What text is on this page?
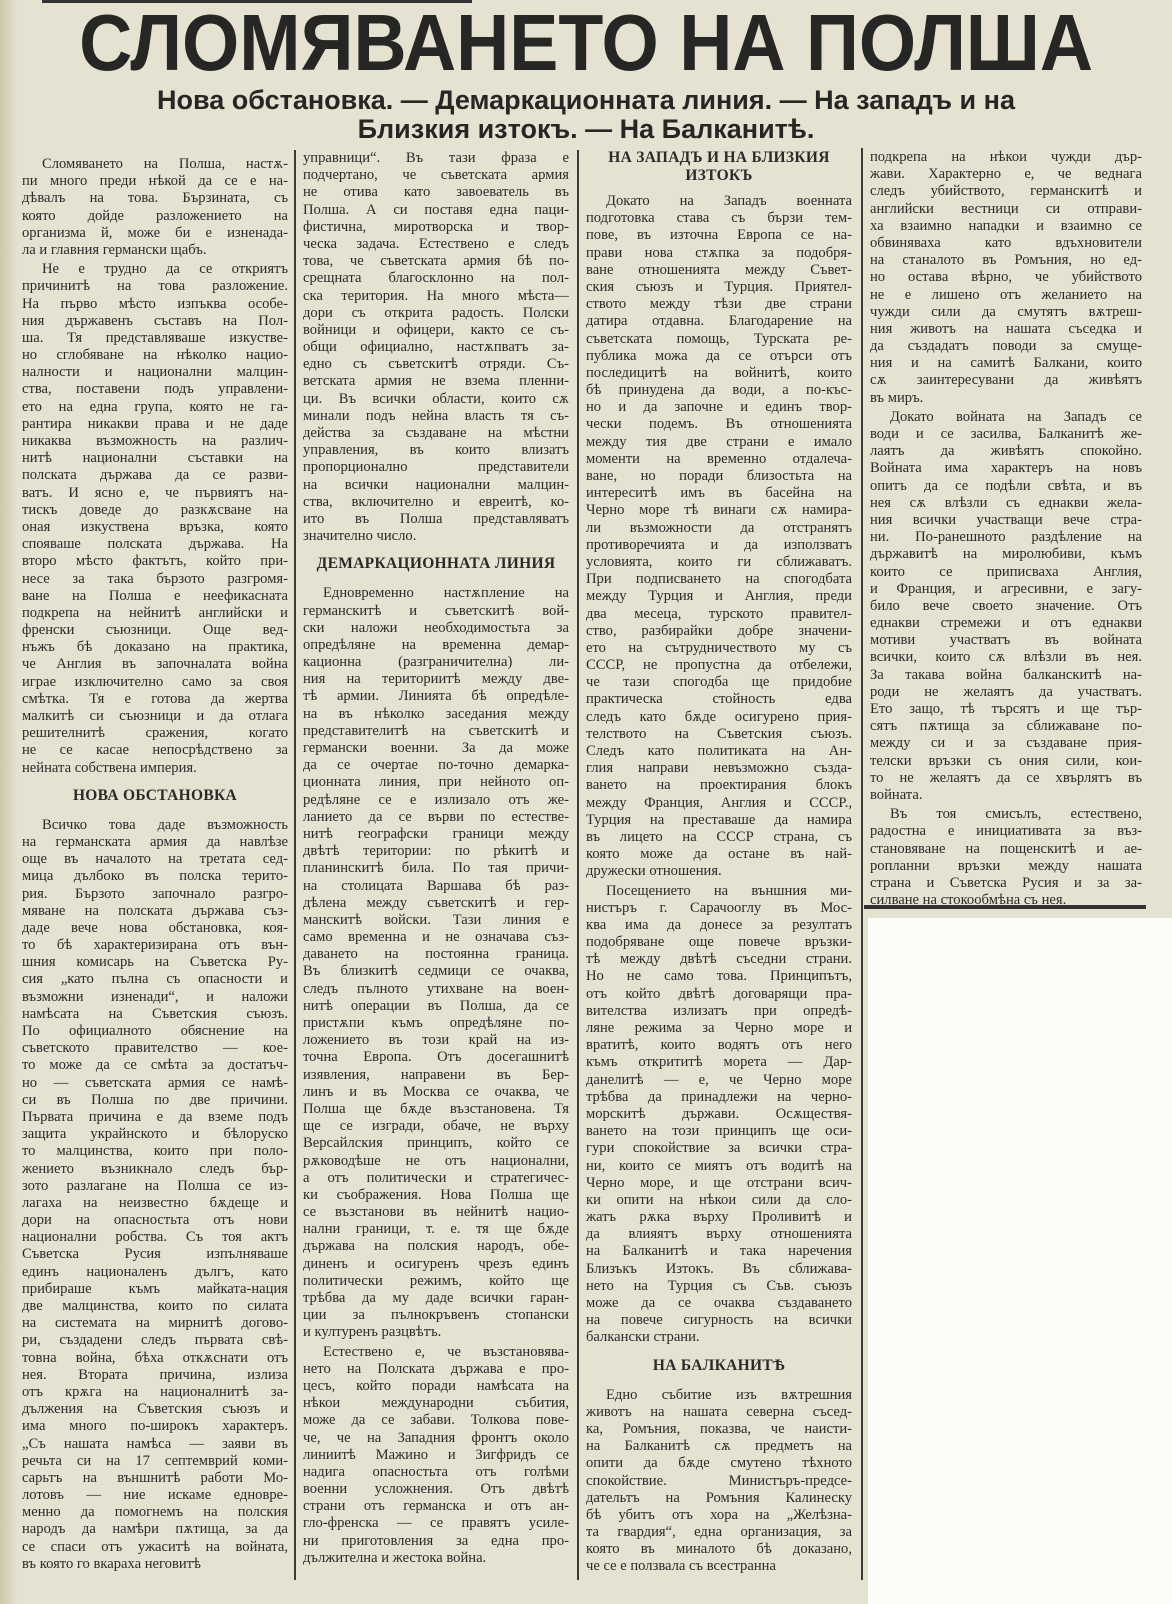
СЛОМЯВАНЕТО НА ПОЛША
Нова обстановка. — Демаркационната линия. — На западъ и на
Близкия изтокъ. — На Балканитѣ.
Сломяването на Полша, настѫ-
пи много преди нѣкой да се е на-
дѣвалъ на това. Бързината, съ
която дойде разложението на
организма й, може би е изненада-
ла и главния германски щабъ.
Не е трудно да се откриятъ
причинитѣ на това разложение.
На първо мѣсто изпъква особе-
ния държавенъ съставъ на Пол-
ша. Тя представляваше изкустве-
но сглобяване на нѣколко нацио-
налности и национални малцин-
ства, поставени подъ управлени-
ето на една група, която не га-
рантира никакви права и не даде
никаква възможность на различ-
нитѣ национални съставки на
полската държава да се разви-
ватъ. И ясно е, че първиятъ на-
тискъ доведе до разкѫсване на
оная изкуствена връзка, която
спояваше полската държава. На
второ мѣсто фактътъ, който при-
несе за така бързото разгромя-
ване на Полша е неефикасната
подкрепа на нейнитѣ английски и
френски съюзници. Още вед-
нъжъ бѣ доказано на практика,
че Англия въ започналата война
играе изключително само за своя
смѣтка. Тя е готова да жертва
малкитѣ си съюзници и да отлага
решителнитѣ сражения, когато
не се касае непосрѣдствено за
нейната собствена империя.
НОВА ОБСТАНОВКА
Всичко това даде възможность
на германската армия да навлѣзе
още въ началото на третата сед-
мица дълбоко въ полска терито-
рия. Бързото започнало разгро-
мяване на полската държава съз-
даде вече нова обстановка, коя-
то бѣ характеризирана отъ вън-
шния комисарь на Съветска Ру-
сия „като пълна съ опасности и
възможни изненади“, и наложи
намѣсата на Съветския съюзъ.
По официалното обяснение на
съветското правителство — кое-
то може да се смѣта за достатъч-
но — съветската армия се намѣ-
си въ Полша по две причини.
Първата причина е да вземе подъ
защита украйнското и бѣлоруско
то малцинства, които при поло-
жението възникнало следъ бър-
зото разлагане на Полша се из-
лагаха на неизвестно бѫдеще и
дори на опасностьта отъ нови
национални робства. Съ тоя актъ
Съветска Русия изпълняваше
единъ националенъ дългъ, като
прибираше къмъ майката-нация
две малцинства, които по силата
на системата на мирнитѣ догово-
ри, създадени следъ първата свѣ-
товна война, бѣха откѫснати отъ
нея. Втората причина, излиза
отъ крѫга на националнитѣ за-
дължения на Съветския съюзъ и
има много по-широкъ характеръ.
„Съ нашата намѣса — заяви въ
речьта си на 17 септемврий коми-
сарьтъ на външнитѣ работи Мо-
лотовъ — ние искаме едновре-
менно да помогнемъ на полския
народъ да намѣри пѫтища, за да
се спаси отъ ужаситѣ на войната,
въ която го вкараха неговитѣ
управници“. Въ тази фраза е
подчертано, че съветската армия
не отива като завоеватель въ
Полша. А си поставя една паци-
фистична, миротворска и твор-
ческа задача. Естествено е следъ
това, че съветската армия бѣ по-
срещната благосклонно на пол-
ска територия. На много мѣста—
дори съ открита радость. Полски
войници и офицери, както се съ-
общи официално, настѫпватъ за-
едно съ съветскитѣ отряди. Съ-
ветската армия не взема пленни-
ци. Въ всички области, които сѫ
минали подъ нейна власть тя съ-
действа за създаване на мѣстни
управления, въ които влизатъ
пропорционално представители
на всички национални малцин-
ства, включително и евреитѣ, ко-
ито въ Полша представляватъ
значително число.
ДЕМАРКАЦИОННАТА ЛИНИЯ
Едновременно настѫпление на
германскитѣ и съветскитѣ вой-
ски наложи необходимостьта за
опредѣляне на временна демар-
кационна (разграничителна) ли-
ния на териториитѣ между две-
тѣ армии. Линията бѣ опредѣле-
на въ нѣколко заседания между
представителитѣ на съветскитѣ и
германски военни. За да може
да се очертае по-точно демарка-
ционната линия, при нейното оп-
редѣляне се е излизало отъ же-
ланието да се върви по естестве-
нитѣ географски граници между
двѣтѣ територии: по рѣкитѣ и
планинскитѣ била. По тая причи-
на столицата Варшава бѣ раз-
дѣлена между съветскитѣ и гер-
манскитѣ войски. Тази линия е
само временна и не означава съз-
даването на постоянна граница.
Въ близкитѣ седмици се очаква,
следъ пълното утихване на воен-
нитѣ операции въ Полша, да се
пристѫпи къмъ опредѣляне по-
ложението въ този край на из-
точна Европа. Отъ досегашнитѣ
изявления, направени въ Бер-
линъ и въ Москва се очаква, че
Полша ще бѫде възстановена. Тя
ще се изгради, обаче, не върху
Версайлския принципъ, който се
рѫководѣше не отъ национални,
а отъ политически и стратегичес-
ки съображения. Нова Полша ще
се възстанови въ нейнитѣ нацио-
нални граници, т. е. тя ще бѫде
държава на полския народъ, обе-
диненъ и осигуренъ чрезъ единъ
политически режимъ, който ще
трѣбва да му даде всички гаран-
ции за пълнокръвенъ стопански
и културенъ разцвѣтъ.
Естествено е, че възстановява-
нето на Полската държава е про-
цесъ, който поради намѣсата на
нѣкои международни събития,
може да се забави. Толкова пове-
че, че на Западния фронтъ около
линиитѣ Мажино и Зигфридъ се
надига опасностьта отъ голѣми
военни усложнения. Отъ двѣтѣ
страни отъ германска и отъ ан-
гло-френска — се правятъ усиле-
ни приготовления за една про-
дължителна и жестока война.
НА ЗАПАДЪ И НА БЛИЗКИЯ ИЗТОКЪ
Докато на Западъ военната
подготовка става съ бързи тем-
пове, въ източна Европа се на-
прави нова стѫпка за подобря-
ване отношенията между Съвет-
ския съюзъ и Турция. Приятел-
ството между тѣзи две страни
датира отдавна. Благодарение на
съветската помощь, Турската ре-
публика можа да се отърси отъ
последицитѣ на войнитѣ, които
бѣ принудена да води, а по-къс-
но и да започне и единъ твор-
чески подемъ. Въ отношенията
между тия две страни е имало
моменти на временно отдалеча-
ване, но поради близостьта на
интереситѣ имъ въ басейна на
Черно море тѣ винаги сѫ намира-
ли възможности да отстранятъ
противоречията и да използватъ
условията, които ги сближаватъ.
При подписването на спогодбата
между Турция и Англия, преди
два месеца, турското правител-
ство, разбирайки добре значени-
ето на сътрудничеството му съ
СССР, не пропустна да отбележи,
че тази спогодба ще придобие
практическа стойность едва
следъ като бѫде осигурено прия-
телството на Съветския съюзъ.
Следъ като политиката на Ан-
глия направи невъзможно създа-
ването на проектирания блокъ
между Франция, Англия и СССР.,
Турция на преставаше да намира
въ лицето на СССР страна, съ
която може да остане въ най-
дружески отношения.
Посещението на външния ми-
нистъръ г. Сарачооглу въ Мос-
ква има да донесе за резултатъ
подобряване още повече връзки-
тѣ между двѣтѣ съседни страни.
Но не само това. Принципътъ,
отъ който двѣтѣ договарящи пра-
вителства излизатъ при опредѣ-
ляне режима за Черно море и
вратитѣ, които водятъ отъ него
къмъ открититѣ морета — Дар-
данелитѣ — е, че Черно море
трѣбва да принадлежи на черно-
морскитѣ държави. Осѫществя-
ването на този принципъ ще оси-
гури спокойствие за всички стра-
ни, които се миятъ отъ водитѣ на
Черно море, и ще отстрани всич-
ки опити на нѣкои сили да сло-
жатъ рѫка върху Проливитѣ и
да влияятъ върху отношенията
на Балканитѣ и така наречения
Близъкъ Изтокъ. Въ сближава-
нето на Турция съ Съв. съюзъ
може да се очаква създаването
на повече сигурность на всички
балкански страни.
НА БАЛКАНИТѢ
Едно събитие изъ вѫтрешния
животъ на нашата северна съсед-
ка, Ромъния, показва, че наисти-
на Балканитѣ сѫ предметъ на
опити да бѫде смутено тѣхното
спокойствие. Министъръ-предсе-
дательтъ на Ромъния Калинеску
бѣ убитъ отъ хора на „Желѣзна-
та гвардия“, една организация, за
която въ миналото бѣ доказано,
че се е ползвала съ всестранна
подкрепа на нѣкои чужди дър-
жави. Характерно е, че веднага
следъ убийството, германскитѣ и
английски вестници си отправи-
ха взаимно нападки и взаимно се
обвиняваха като вдъхновители
на станалото въ Ромъния, но ед-
но остава вѣрно, че убийството
не е лишено отъ желанието на
чужди сили да смутятъ вѫтреш-
ния животъ на нашата съседка и
да създадатъ поводи за смуще-
ния и на самитѣ Балкани, които
сѫ заинтересувани да живѣятъ
въ миръ.
Докато войната на Западъ се
води и се засилва, Балканитѣ же-
лаятъ да живѣятъ спокойно.
Войната има характеръ на новъ
опитъ да се подѣли свѣта, и въ
нея сѫ влѣзли съ еднакви жела-
ния всички участващи вече стра-
ни. По-ранешното раздѣление на
държавитѣ на миролюбиви, къмъ
които се приписваха Англия,
и Франция, и агресивни, е загу-
било вече своето значение. Отъ
еднакви стремежи и отъ еднакви
мотиви участватъ въ войната
всички, които сѫ влѣзли въ нея.
За такава война балканскитѣ на-
роди не желаятъ да участватъ.
Ето защо, тѣ търсятъ и ще тър-
сятъ пѫтища за сближаване по-
между си и за създаване прия-
телски връзки съ ония сили, кои-
то не желаятъ да се хвърлятъ въ
войната.
Въ тоя смисълъ, естествено,
радостна е инициативата за въз-
становяване на пощенскитѣ и ае-
ропланни връзки между нашата
страна и Съветска Русия и за за-
силване на стокообмѣна съ нея.
